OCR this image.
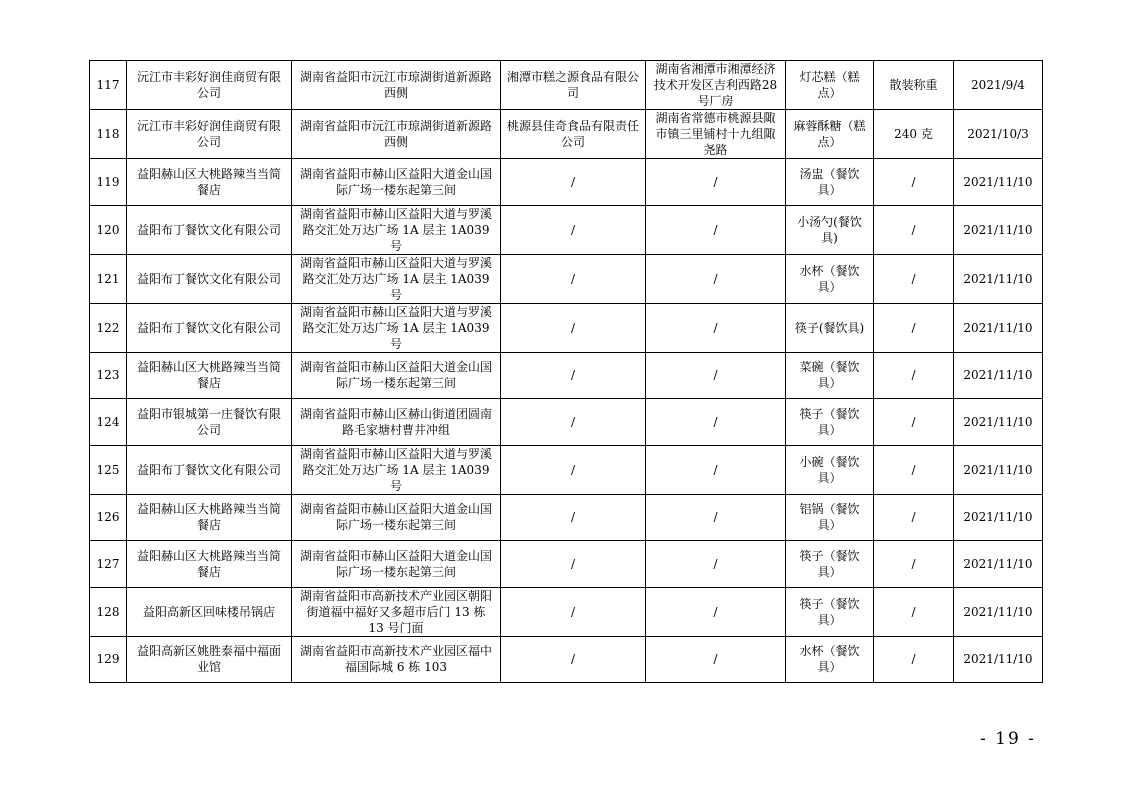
117	沅江市丰彩好润佳商贸有限公司	湖南省益阳市沅江市琼湖街道新源路西侧	湘潭市糕之源食品有限公司	湖南省湘潭市湘潭经济技术开发区吉利西路28号厂房	灯芯糕（糕点）	散装称重	2021/9/4
118	沅江市丰彩好润佳商贸有限公司	湖南省益阳市沅江市琼湖街道新源路西侧	桃源县佳奇食品有限责任公司	湖南省常德市桃源县陬市镇三里铺村十九组陬尧路	麻蓉酥糖（糕点）	240 克	2021/10/3
119	益阳赫山区大桃路辣当当简餐店	湖南省益阳市赫山区益阳大道金山国际广场一楼东起第三间	/	/	汤盅（餐饮具）	/	2021/11/10
120	益阳布丁餐饮文化有限公司	湖南省益阳市赫山区益阳大道与罗溪路交汇处万达广场 1A 层主 1A039 号	/	/	小汤勺(餐饮具)	/	2021/11/10
121	益阳布丁餐饮文化有限公司	湖南省益阳市赫山区益阳大道与罗溪路交汇处万达广场 1A 层主 1A039 号	/	/	水杯（餐饮具）	/	2021/11/10
122	益阳布丁餐饮文化有限公司	湖南省益阳市赫山区益阳大道与罗溪路交汇处万达广场 1A 层主 1A039 号	/	/	筷子(餐饮具)	/	2021/11/10
123	益阳赫山区大桃路辣当当简餐店	湖南省益阳市赫山区益阳大道金山国际广场一楼东起第三间	/	/	菜碗（餐饮具）	/	2021/11/10
124	益阳市银城第一庄餐饮有限公司	湖南省益阳市赫山区赫山街道团圆南路毛家塘村曹井冲组	/	/	筷子（餐饮具）	/	2021/11/10
125	益阳布丁餐饮文化有限公司	湖南省益阳市赫山区益阳大道与罗溪路交汇处万达广场 1A 层主 1A039 号	/	/	小碗（餐饮具）	/	2021/11/10
126	益阳赫山区大桃路辣当当简餐店	湖南省益阳市赫山区益阳大道金山国际广场一楼东起第三间	/	/	铝锅（餐饮具）	/	2021/11/10
127	益阳赫山区大桃路辣当当简餐店	湖南省益阳市赫山区益阳大道金山国际广场一楼东起第三间	/	/	筷子（餐饮具）	/	2021/11/10
128	益阳高新区回味楼吊锅店	湖南省益阳市高新技术产业园区朝阳街道福中福好又多超市后门 13 栋 13 号门面	/	/	筷子（餐饮具）	/	2021/11/10
129	益阳高新区姚胜泰福中福面业馆	湖南省益阳市高新技术产业园区福中福国际城 6 栋 103	/	/	水杯（餐饮具）	/	2021/11/10
- 19 -
